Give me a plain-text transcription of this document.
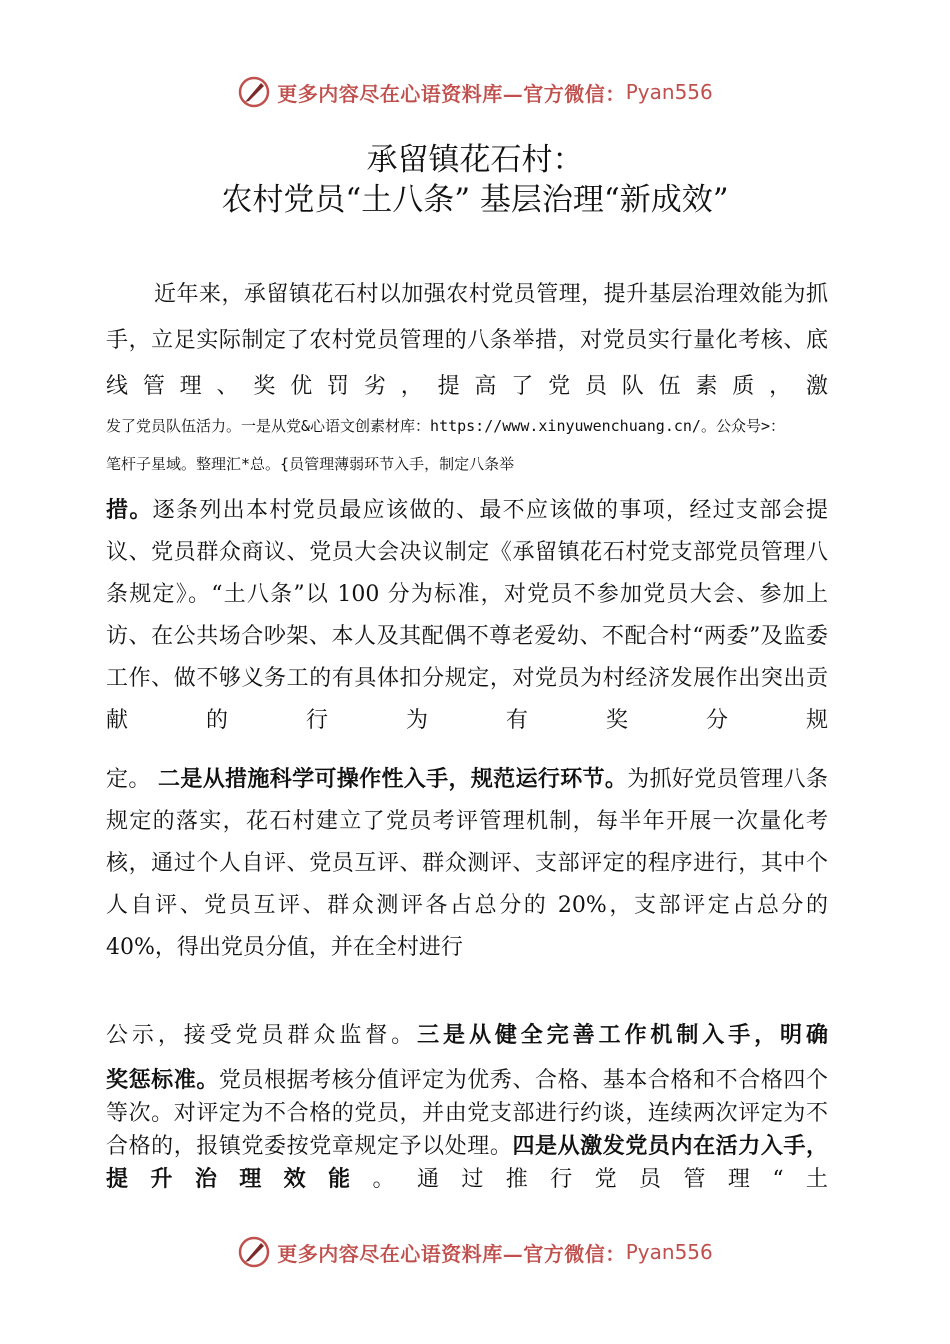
更多内容尽在心语资料库—官方微信： Pyan556
承留镇花石村：
农村党员“土八条” 基层治理“新成效”
近年来，承留镇花石村以加强农村党员管理，提升基层治理效能为抓手，立足实际制定了农村党员管理的八条举措，对党员实行量化考核、底线管理、奖优罚劣，提高了党员队伍素质，激
发了党员队伍活力。一是从党&心语文创素材库：https://www.xinyuwenchuang.cn/。公众号>：
笔杆子星域。整理汇*总。{员管理薄弱环节入手，制定八条举
措。逐条列出本村党员最应该做的、最不应该做的事项，经过支部会提议、党员群众商议、党员大会决议制定《承留镇花石村党支部党员管理八条规定》。“土八条”以 100 分为标准，对党员不参加党员大会、参加上访、在公共场合吵架、本人及其配偶不尊老爱幼、不配合村“两委”及监委工作、做不够义务工的有具体扣分规定，对党员为村经济发展作出突出贡献的行为有奖分规
定。 二是从措施科学可操作性入手，规范运行环节。为抓好党员管理八条规定的落实，花石村建立了党员考评管理机制，每半年开展一次量化考核，通过个人自评、党员互评、群众测评、支部评定的程序进行，其中个人自评、党员互评、群众测评各占总分的 20%，支部评定占总分的 40%，得出党员分值，并在全村进行
公示，接受党员群众监督。三是从健全完善工作机制入手，明确
奖惩标准。党员根据考核分值评定为优秀、合格、基本合格和不合格四个等次。对评定为不合格的党员，并由党支部进行约谈，连续两次评定为不合格的，报镇党委按党章规定予以处理。四是从激发党员内在活力入手，提升治理效能。通过推行党员管理“土
更多内容尽在心语资料库—官方微信： Pyan556
